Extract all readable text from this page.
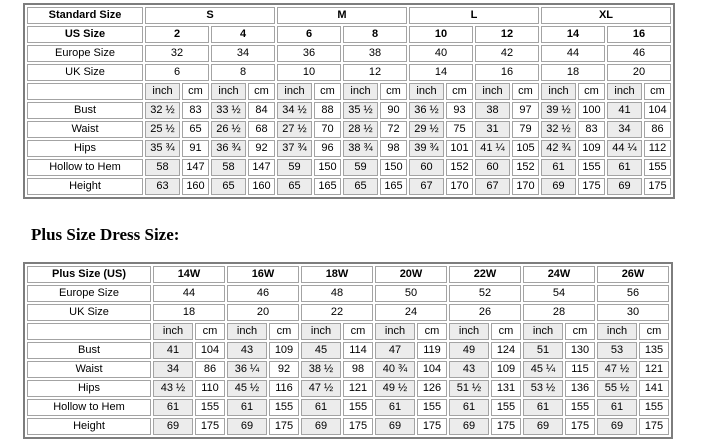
Standard Size	S				M				L				XL			
US Size	2		4		6		8		10		12		14		16	
Europe Size	32		34		36		38		40		42		44		46	
UK Size	6		8		10		12		14		16		18		20	
	inch	cm	inch	cm	inch	cm	inch	cm	inch	cm	inch	cm	inch	cm	inch	cm
Bust	32 ½	83	33 ½	84	34 ½	88	35 ½	90	36 ½	93	38	97	39 ½	100	41	104
Waist	25 ½	65	26 ½	68	27 ½	70	28 ½	72	29 ½	75	31	79	32 ½	83	34	86
Hips	35 ¾	91	36 ¾	92	37 ¾	96	38 ¾	98	39 ¾	101	41 ¼	105	42 ¾	109	44 ¼	112
Hollow to Hem	58	147	58	147	59	150	59	150	60	152	60	152	61	155	61	155
Height	63	160	65	160	65	165	65	165	67	170	67	170	69	175	69	175
Plus Size Dress Size:
Plus Size (US)	14W		16W		18W		20W		22W		24W		26W	
Europe Size	44		46		48		50		52		54		56	
UK Size	18		20		22		24		26		28		30	
	inch	cm	inch	cm	inch	cm	inch	cm	inch	cm	inch	cm	inch	cm
Bust	41	104	43	109	45	114	47	119	49	124	51	130	53	135
Waist	34	86	36 ¼	92	38 ½	98	40 ¾	104	43	109	45 ¼	115	47 ½	121
Hips	43 ½	110	45 ½	116	47 ½	121	49 ½	126	51 ½	131	53 ½	136	55 ½	141
Hollow to Hem	61	155	61	155	61	155	61	155	61	155	61	155	61	155
Height	69	175	69	175	69	175	69	175	69	175	69	175	69	175
